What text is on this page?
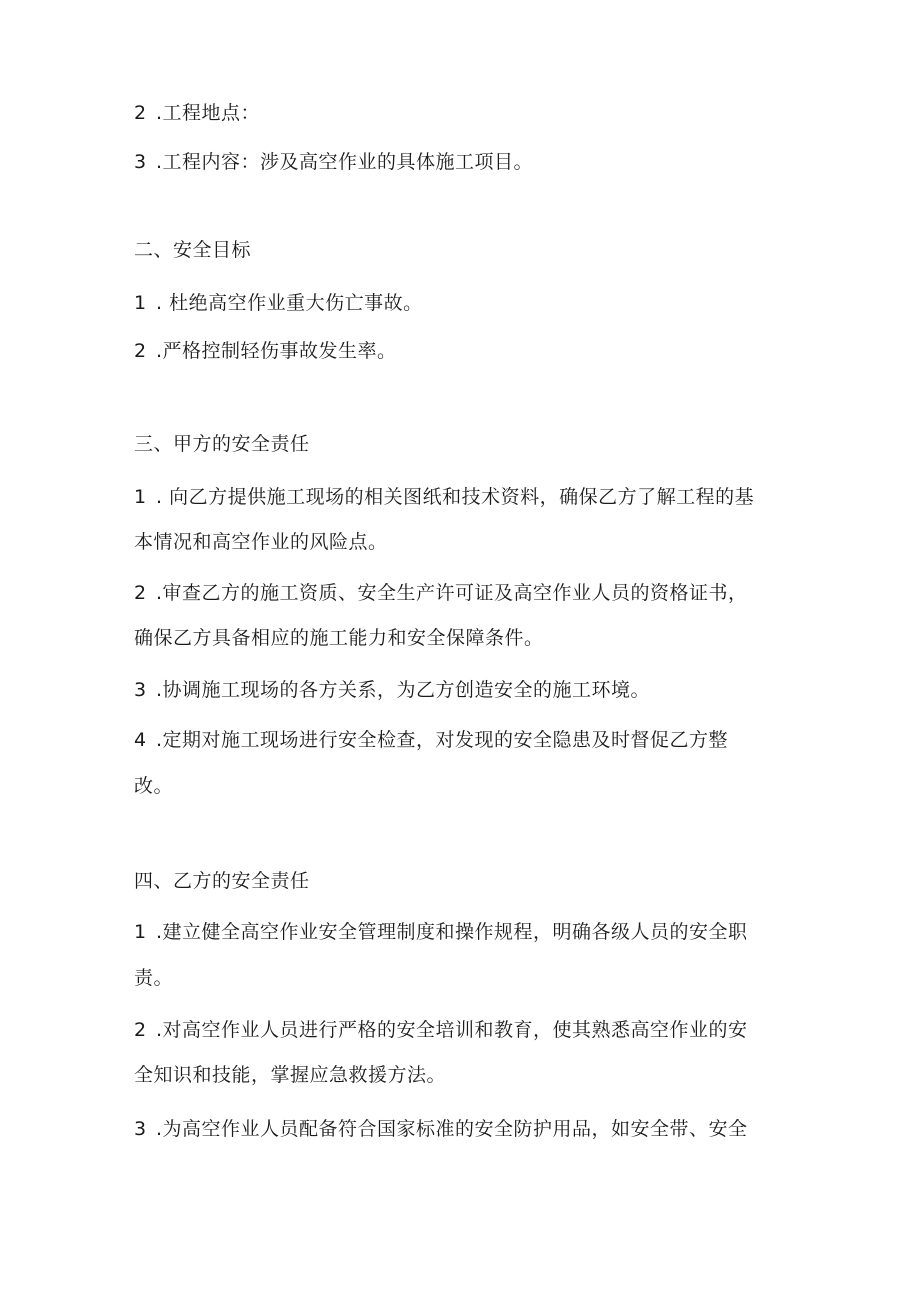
2 .工程地点：
3 .工程内容：涉及高空作业的具体施工项目。
二、安全目标
1 . 杜绝高空作业重大伤亡事故。
2 .严格控制轻伤事故发生率。
三、甲方的安全责任
1 . 向乙方提供施工现场的相关图纸和技术资料，确保乙方了解工程的基
本情况和高空作业的风险点。
2 .审查乙方的施工资质、安全生产许可证及高空作业人员的资格证书，
确保乙方具备相应的施工能力和安全保障条件。
3 .协调施工现场的各方关系，为乙方创造安全的施工环境。
4 .定期对施工现场进行安全检查，对发现的安全隐患及时督促乙方整
改。
四、乙方的安全责任
1 .建立健全高空作业安全管理制度和操作规程，明确各级人员的安全职
责。
2 .对高空作业人员进行严格的安全培训和教育，使其熟悉高空作业的安
全知识和技能，掌握应急救援方法。
3 .为高空作业人员配备符合国家标准的安全防护用品，如安全带、安全
